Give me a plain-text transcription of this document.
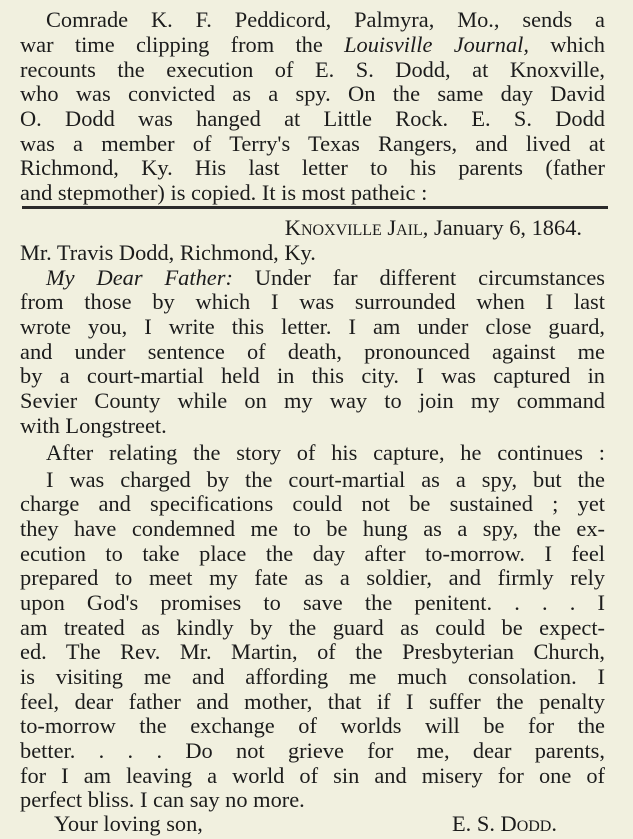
Comrade K. F. Peddicord, Palmyra, Mo., sends a
war time clipping from the Louisville Journal, which
recounts the execution of E. S. Dodd, at Knoxville,
who was convicted as a spy. On the same day David
O. Dodd was hanged at Little Rock. E. S. Dodd
was a member of Terry's Texas Rangers, and lived at
Richmond, Ky. His last letter to his parents (father
and stepmother) is copied. It is most patheic :
Knoxville Jail, January 6, 1864.
Mr. Travis Dodd, Richmond, Ky.
My Dear Father: Under far different circumstances
from those by which I was surrounded when I last
wrote you, I write this letter. I am under close guard,
and under sentence of death, pronounced against me
by a court-martial held in this city. I was captured in
Sevier County while on my way to join my command
with Longstreet.
After relating the story of his capture, he continues :
I was charged by the court-martial as a spy, but the
charge and specifications could not be sustained ; yet
they have condemned me to be hung as a spy, the ex-
ecution to take place the day after to-morrow. I feel
prepared to meet my fate as a soldier, and firmly rely
upon God's promises to save the penitent. . . . I
am treated as kindly by the guard as could be expect-
ed. The Rev. Mr. Martin, of the Presbyterian Church,
is visiting me and affording me much consolation. I
feel, dear father and mother, that if I suffer the penalty
to-morrow the exchange of worlds will be for the
better. . . . Do not grieve for me, dear parents,
for I am leaving a world of sin and misery for one of
perfect bliss. I can say no more.
Your loving son,	E. S. Dodd.
